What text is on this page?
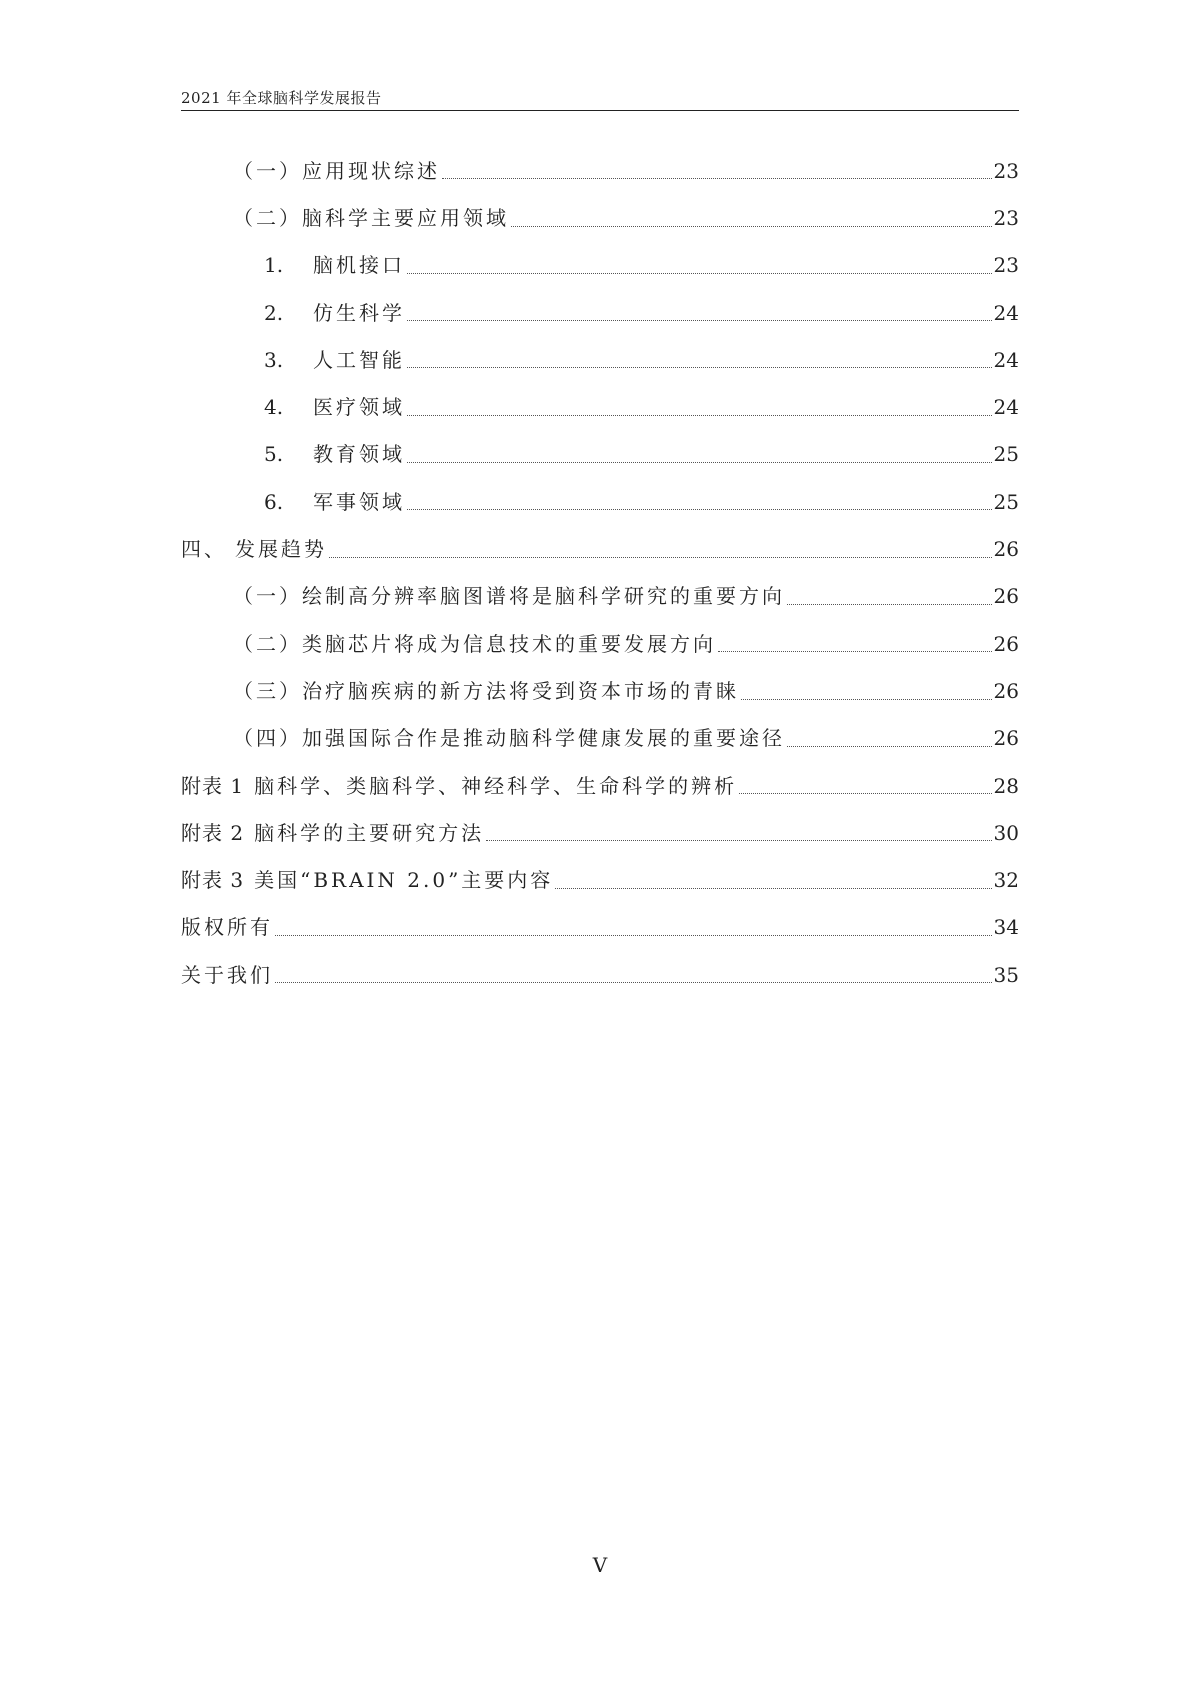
2021 年全球脑科学发展报告
（一） 应用现状综述	23
（二） 脑科学主要应用领域	23
1.	脑机接口	23
2.	仿生科学	24
3.	人工智能	24
4.	医疗领域	24
5.	教育领域	25
6.	军事领域	25
四、 发展趋势	26
（一） 绘制高分辨率脑图谱将是脑科学研究的重要方向	26
（二） 类脑芯片将成为信息技术的重要发展方向	26
（三） 治疗脑疾病的新方法将受到资本市场的青睐	26
（四） 加强国际合作是推动脑科学健康发展的重要途径	26
附表 1 脑科学、类脑科学、神经科学、生命科学的辨析	28
附表 2 脑科学的主要研究方法	30
附表 3 美国“BRAIN 2.0”主要内容	32
版权所有	34
关于我们	35
V
